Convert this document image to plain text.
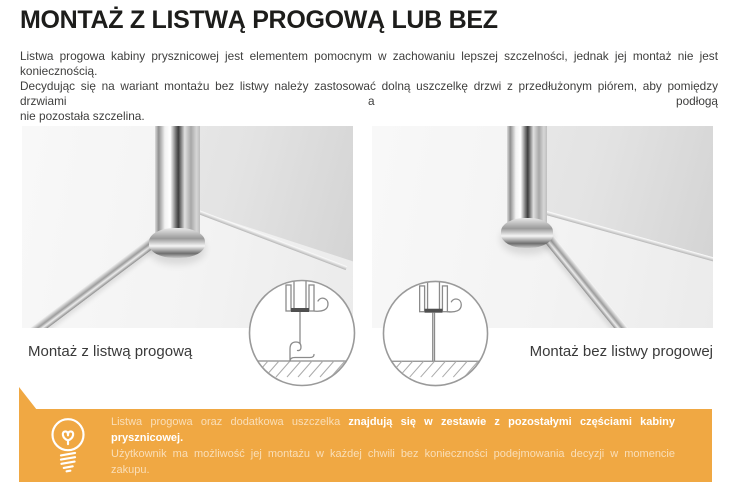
MONTAŻ Z LISTWĄ PROGOWĄ LUB BEZ
Listwa progowa kabiny prysznicowej jest elementem pomocnym w zachowaniu lepszej szczelności, jednak jej montaż nie jest koniecznością.
Decydując się na wariant montażu bez listwy należy zastosować dolną uszczelkę drzwi z przedłużonym piórem, aby pomiędzy drzwiami a podłogą
nie pozostała szczelina.
Montaż z listwą progową	Montaż bez listwy progowej
Listwa progowa oraz dodatkowa uszczelka znajdują się w zestawie z pozostałymi częściami kabiny prysznicowej.
Użytkownik ma możliwość jej montażu w każdej chwili bez konieczności podejmowania decyzji w momencie zakupu.
